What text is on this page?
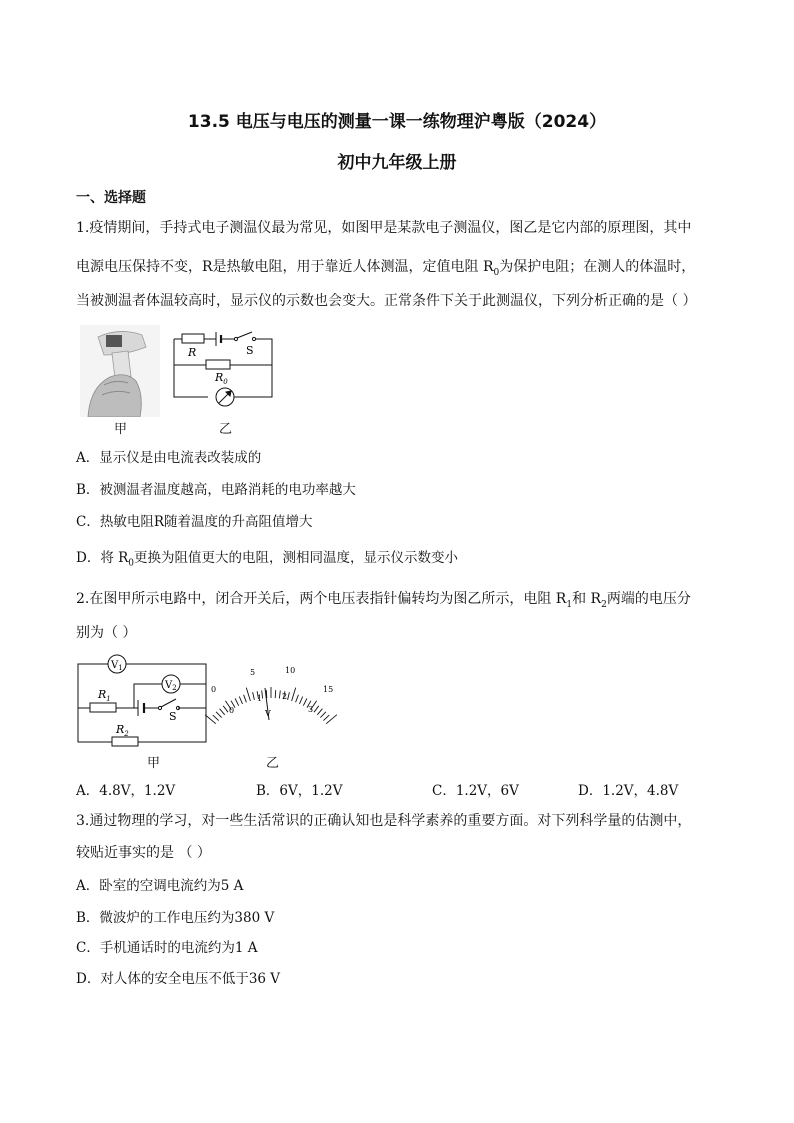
13.5 电压与电压的测量一课一练物理沪粤版（2024）
初中九年级上册
一、选择题
1.疫情期间，手持式电子测温仪最为常见，如图甲是某款电子测温仪，图乙是它内部的原理图，其中
电源电压保持不变，R是热敏电阻，用于靠近人体测温，定值电阻 $R_0$为保护电阻；在测人的体温时，
当被测温者体温较高时，显示仪的示数也会变大。正常条件下关于此测温仪，下列分析正确的是（ ）
甲
R	S
$R_0$
乙
A．显示仪是由电流表改装成的
B．被测温者温度越高，电路消耗的电功率越大
C．热敏电阻R随着温度的升高阻值增大
D．将 $R_0$更换为阻值更大的电阻，测相同温度，显示仪示数变小
2.在图甲所示电路中，闭合开关后，两个电压表指针偏转均为图乙所示，电阻 $R_1$和 $R_2$两端的电压分
别为（ ）
$V_1$
$V_2$
$R_1$
$R_2$
S
甲
V
0
5	10
15
0
1 2
3
乙
A．4.8V，1.2V	B．6V，1.2V	C．1.2V，6V	D．1.2V，4.8V
3.通过物理的学习，对一些生活常识的正确认知也是科学素养的重要方面。对下列科学量的估测中，
较贴近事实的是 （ ）
A．卧室的空调电流约为5 A
B．微波炉的工作电压约为380 V
C．手机通话时的电流约为1 A
D．对人体的安全电压不低于36 V
